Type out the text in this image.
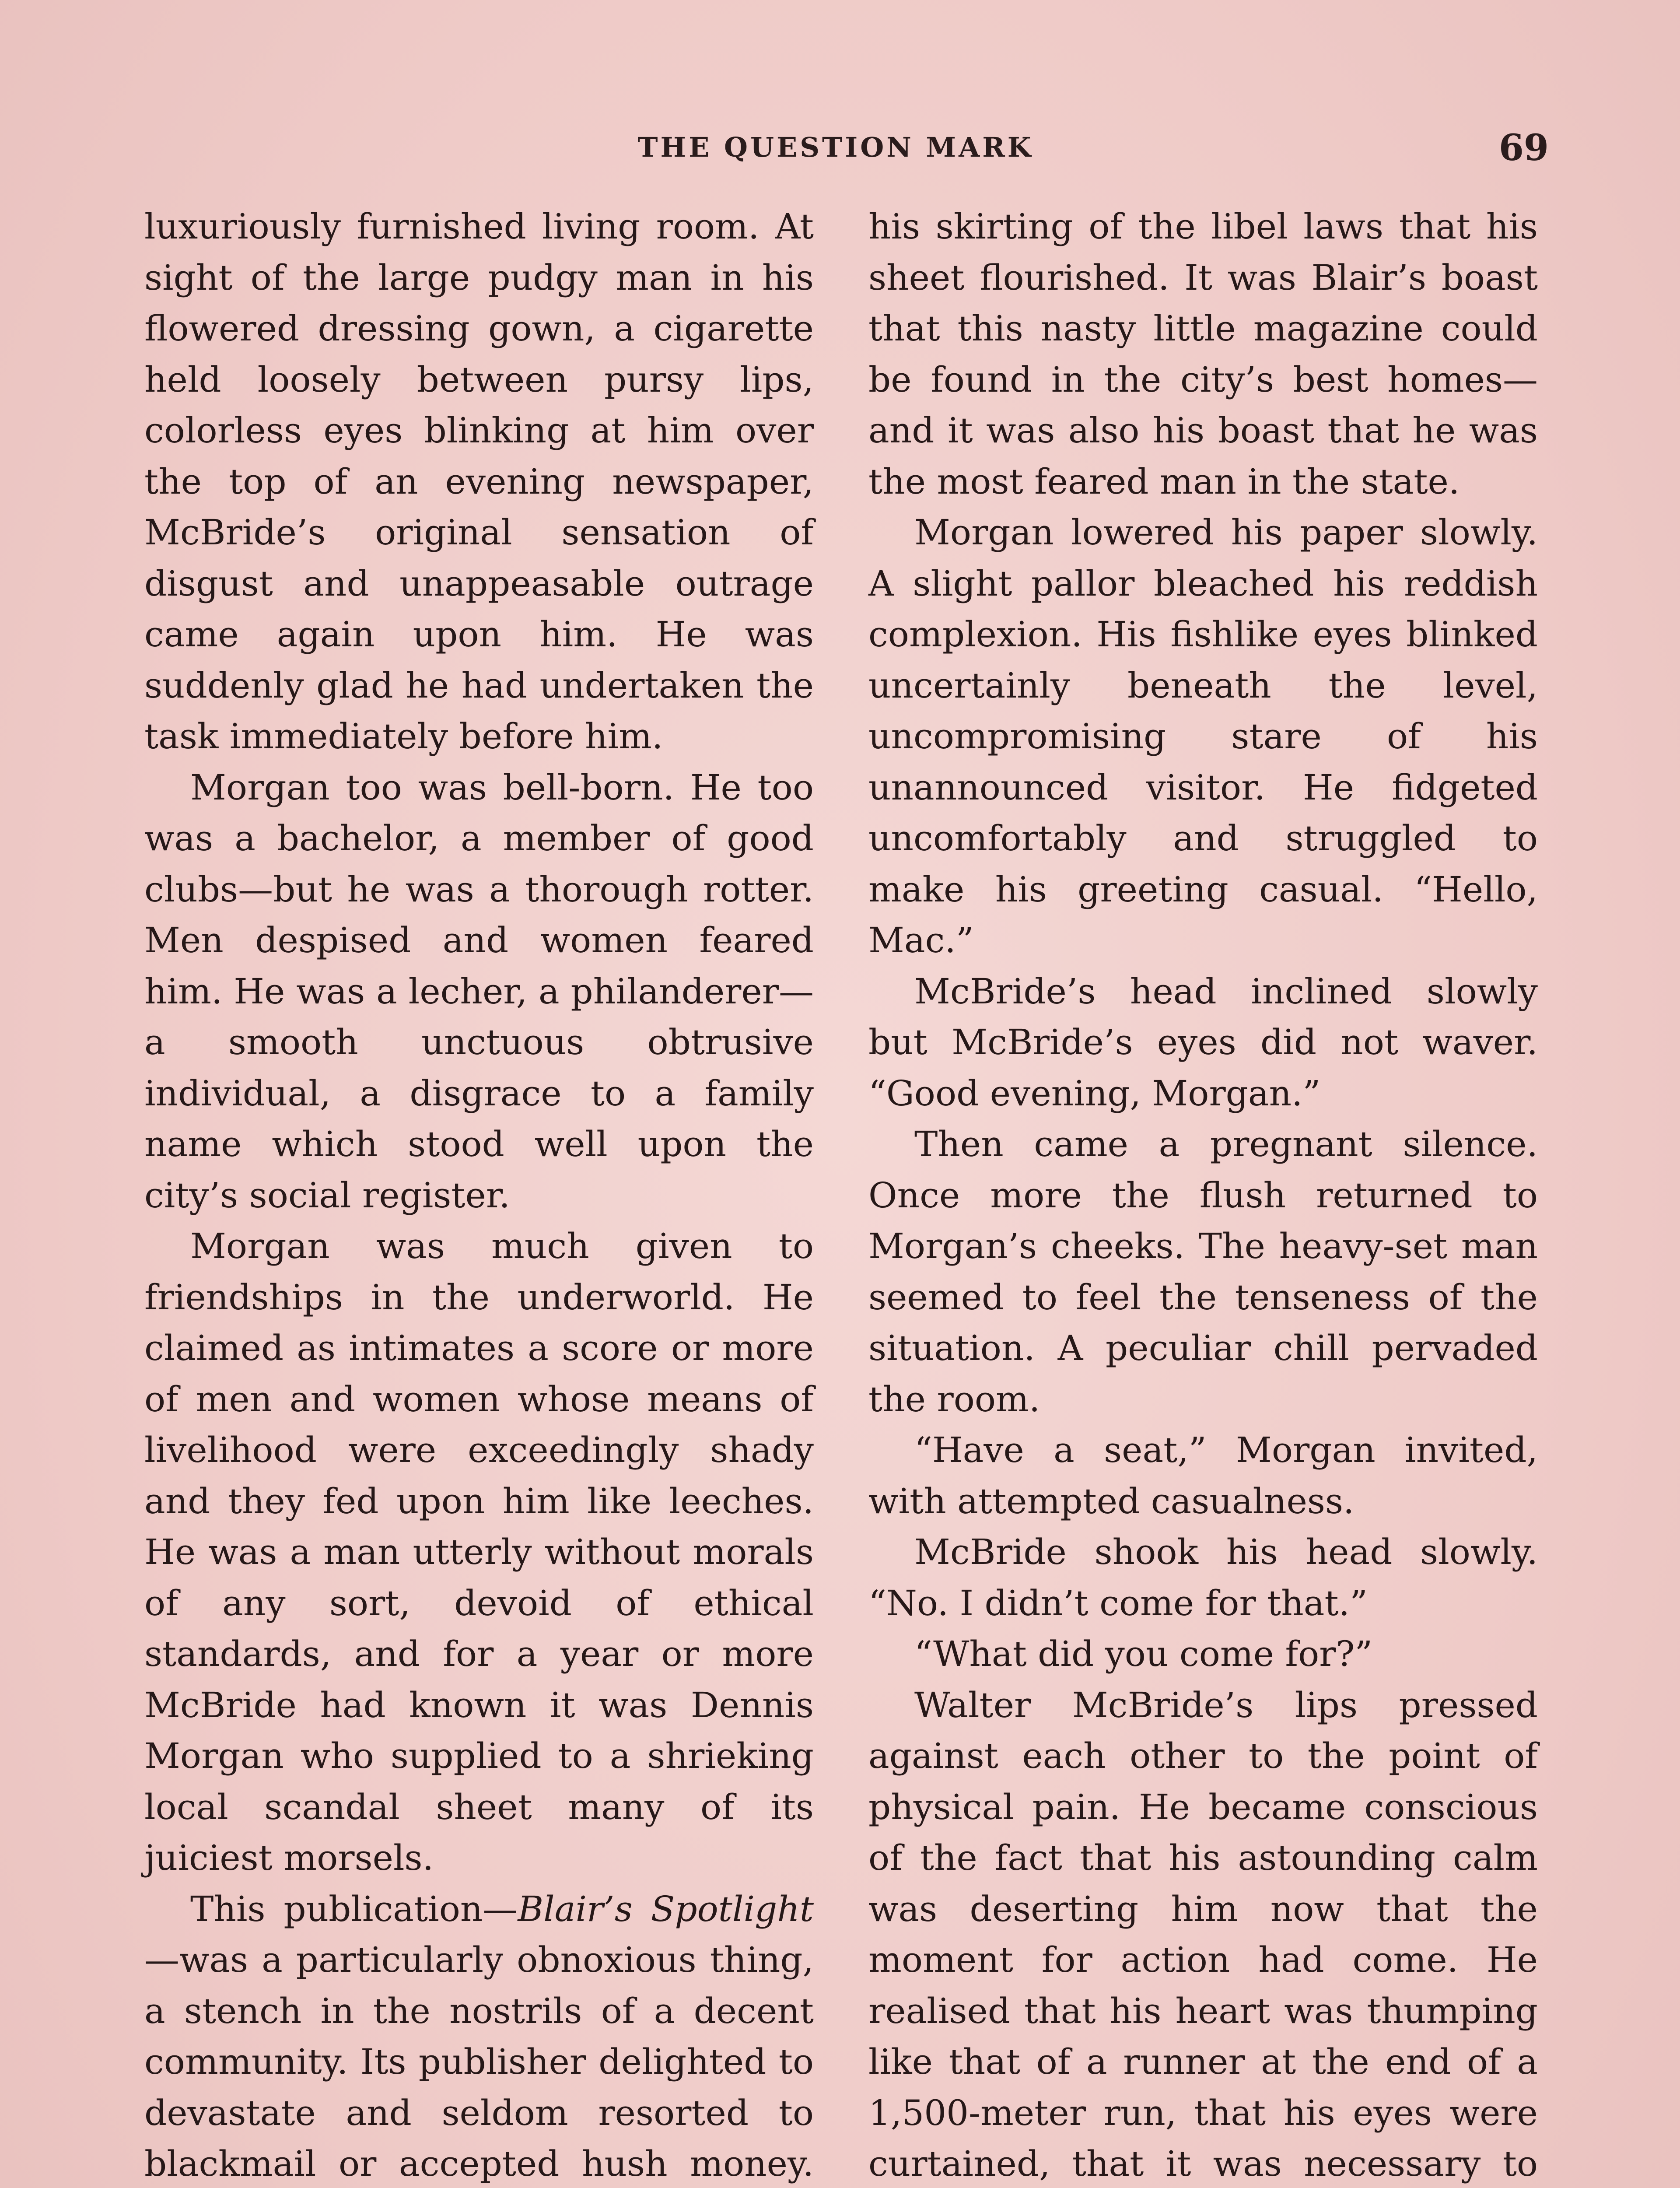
THE QUESTION MARK	69

luxuriously furnished living room. At sight of the large pudgy man in his flowered dressing gown, a cigarette held loosely between pursy lips, colorless eyes blinking at him over the top of an evening newspaper, McBride’s original sensation of disgust and unappeasable outrage came again upon him. He was suddenly glad he had undertaken the task immediately before him.

Morgan too was bell-born. He too was a bachelor, a member of good clubs—but he was a thorough rotter. Men despised and women feared him. He was a lecher, a philanderer—a smooth unctuous obtrusive individual, a disgrace to a family name which stood well upon the city’s social register.

Morgan was much given to friendships in the underworld. He claimed as intimates a score or more of men and women whose means of livelihood were exceedingly shady and they fed upon him like leeches. He was a man utterly without morals of any sort, devoid of ethical standards, and for a year or more McBride had known it was Dennis Morgan who supplied to a shrieking local scandal sheet many of its juiciest morsels.

This publication—Blair’s Spotlight—was a particularly obnoxious thing, a stench in the nostrils of a decent community. Its publisher delighted to devastate and seldom resorted to blackmail or accepted hush money.

his skirting of the libel laws that his sheet flourished. It was Blair’s boast that this nasty little magazine could be found in the city’s best homes—and it was also his boast that he was the most feared man in the state.

Morgan lowered his paper slowly. A slight pallor bleached his reddish complexion. His fishlike eyes blinked uncertainly beneath the level, uncompromising stare of his unannounced visitor. He fidgeted uncomfortably and struggled to make his greeting casual. “Hello, Mac.”

McBride’s head inclined slowly but McBride’s eyes did not waver. “Good evening, Morgan.”

Then came a pregnant silence. Once more the flush returned to Morgan’s cheeks. The heavy-set man seemed to feel the tenseness of the situation. A peculiar chill pervaded the room.

“Have a seat,” Morgan invited, with attempted casualness.

McBride shook his head slowly. “No. I didn’t come for that.”

“What did you come for?”

Walter McBride’s lips pressed against each other to the point of physical pain. He became conscious of the fact that his astounding calm was deserting him now that the moment for action had come. He realised that his heart was thumping like that of a runner at the end of a 1,500-meter run, that his eyes were curtained, that it was necessary to
